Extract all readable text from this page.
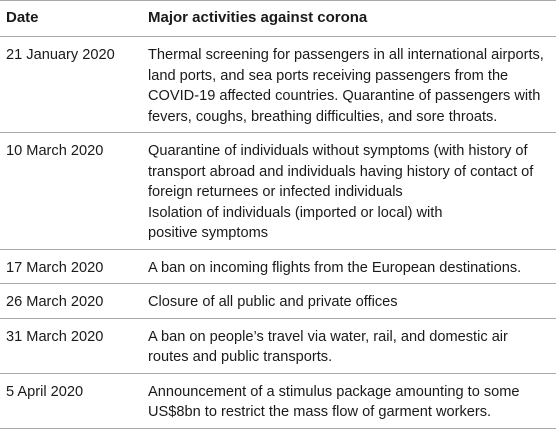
Date	Major activities against corona
21 January 2020	Thermal screening for passengers in all international airports,
land ports, and sea ports receiving passengers from the
COVID-19 affected countries. Quarantine of passengers with
fevers, coughs, breathing difficulties, and sore throats.
10 March 2020	Quarantine of individuals without symptoms (with history of
transport abroad and individuals having history of contact of
foreign returnees or infected individuals
Isolation of individuals (imported or local) with
positive symptoms
17 March 2020	A ban on incoming flights from the European destinations.
26 March 2020	Closure of all public and private offices
31 March 2020	A ban on people’s travel via water, rail, and domestic air
routes and public transports.
5 April 2020	Announcement of a stimulus package amounting to some
US$8bn to restrict the mass flow of garment workers.
